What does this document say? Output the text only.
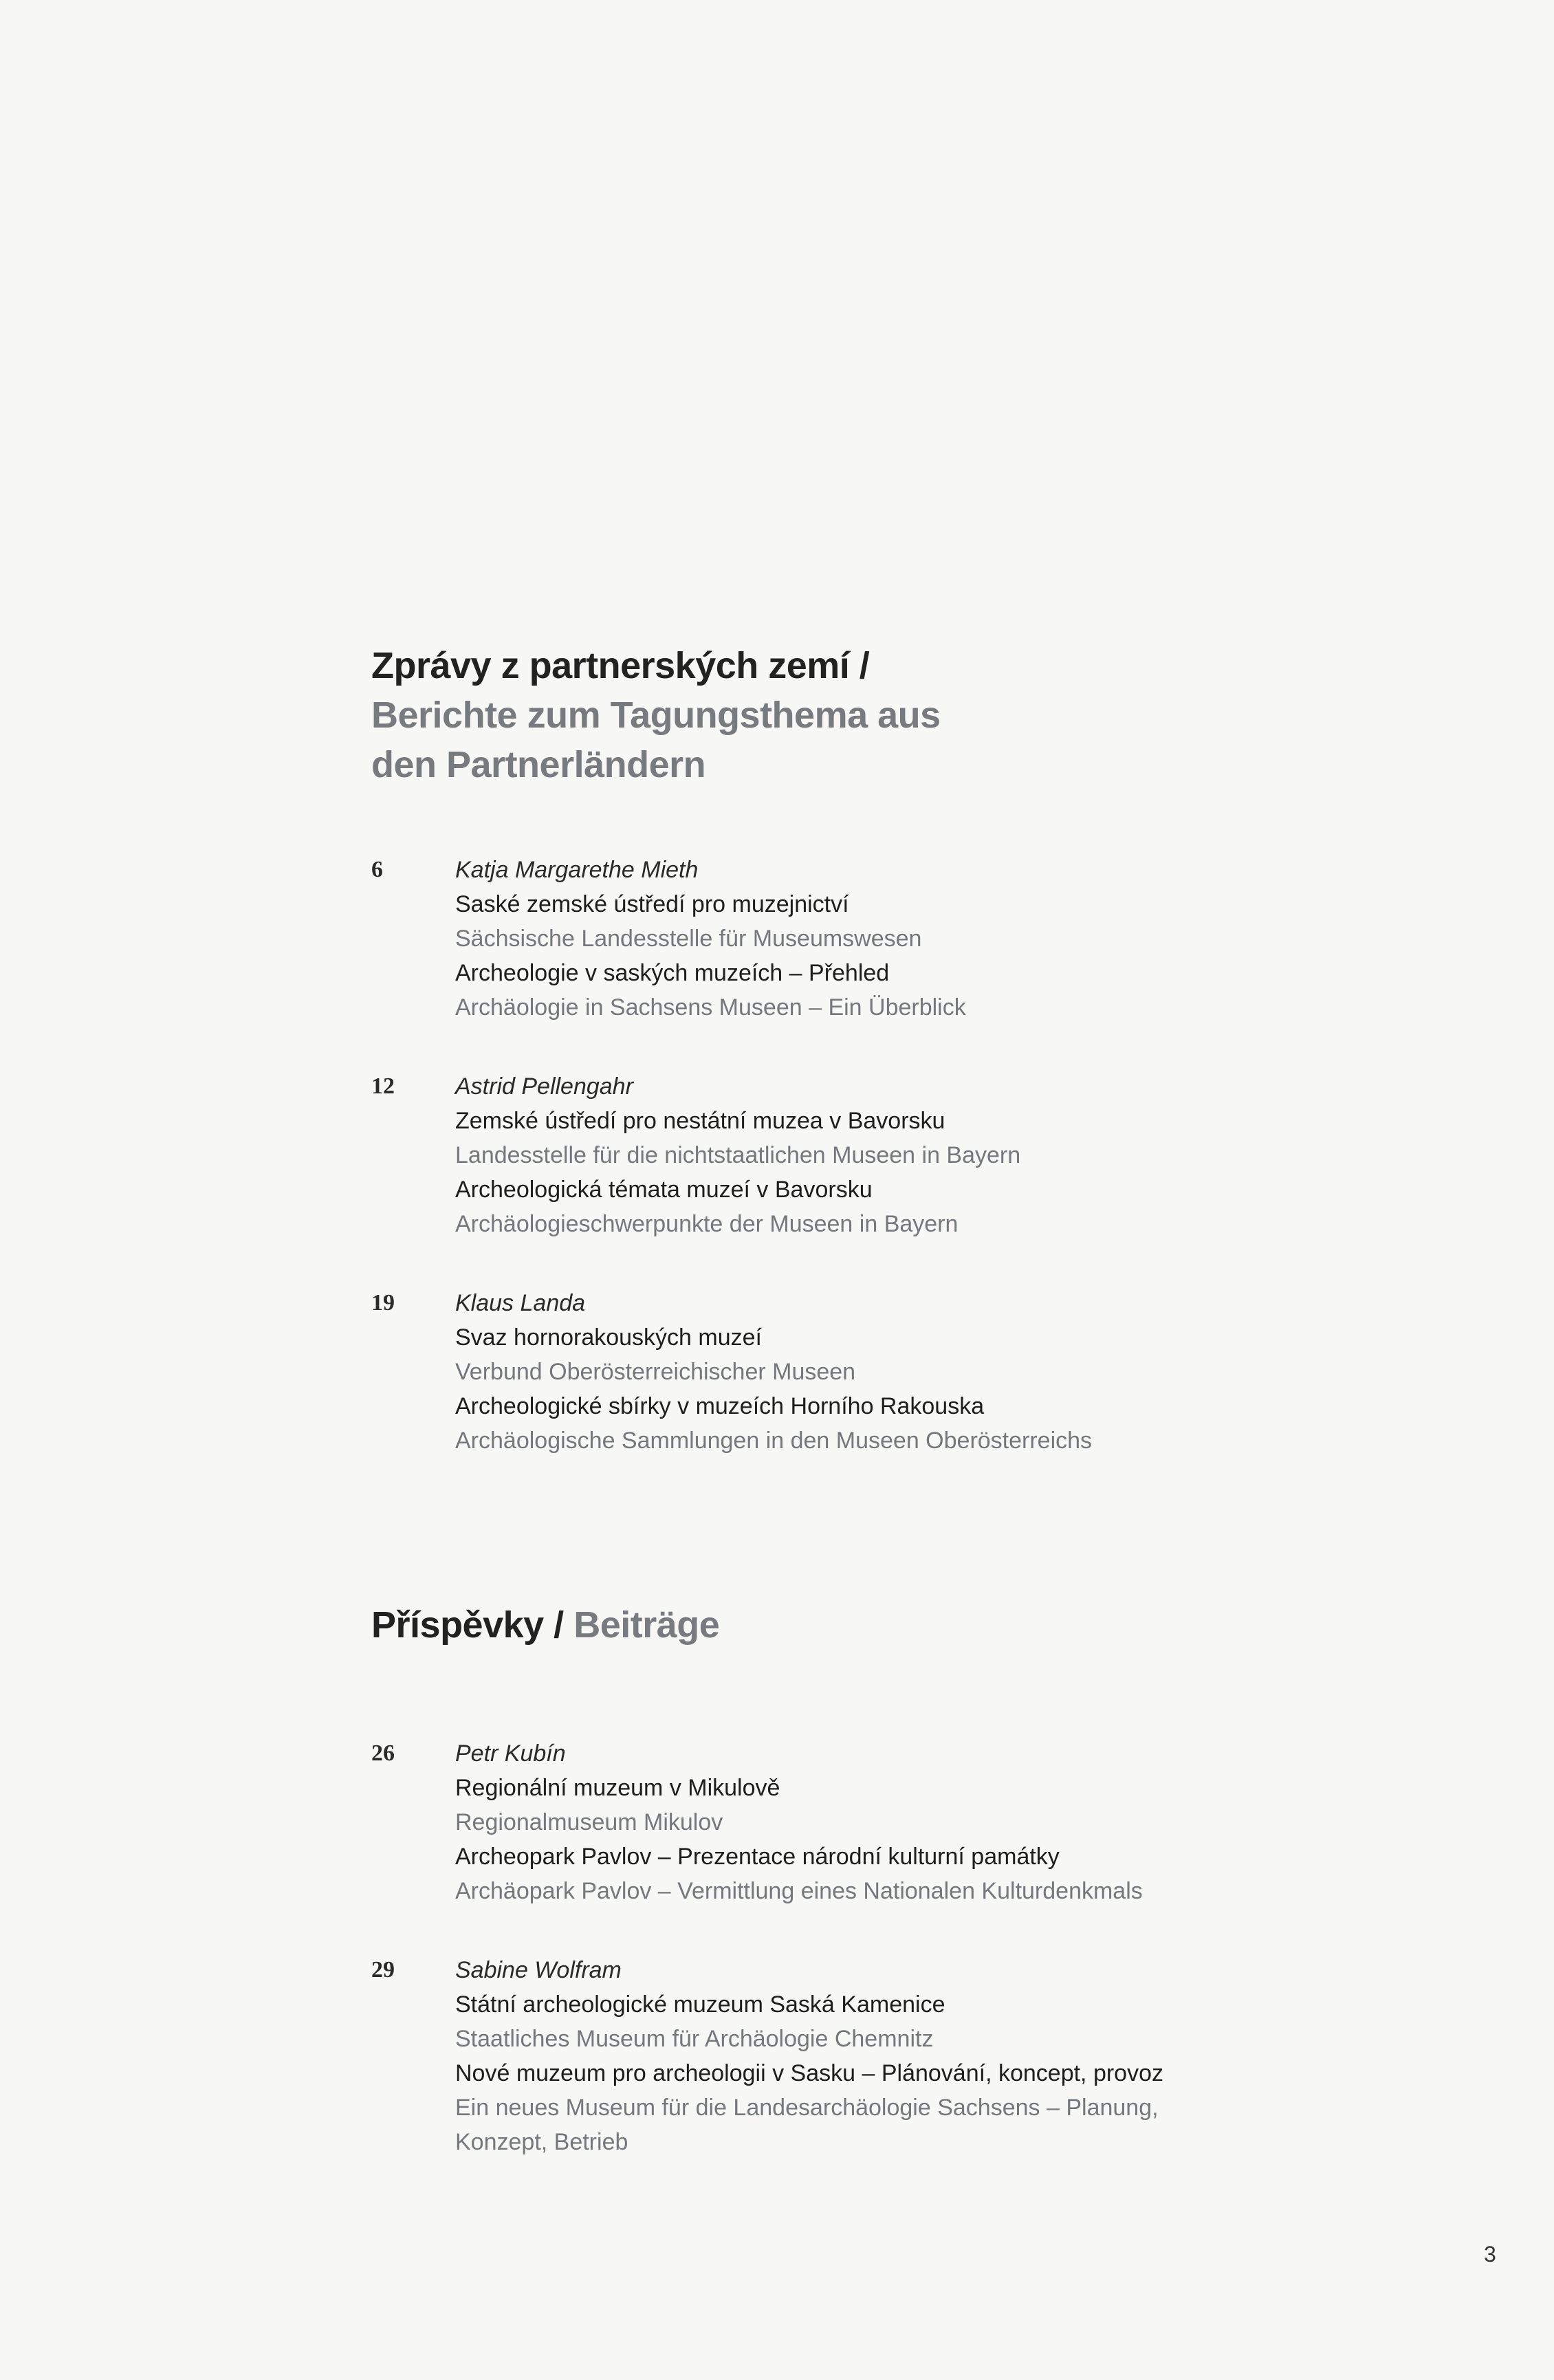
Zprávy z partnerských zemí /
Berichte zum Tagungsthema aus
den Partnerländern
6	Katja Margarethe Mieth
Saské zemské ústředí pro muzejnictví
Sächsische Landesstelle für Museumswesen
Archeologie v saských muzeích – Přehled
Archäologie in Sachsens Museen – Ein Überblick
12	Astrid Pellengahr
Zemské ústředí pro nestátní muzea v Bavorsku
Landesstelle für die nichtstaatlichen Museen in Bayern
Archeologická témata muzeí v Bavorsku
Archäologieschwerpunkte der Museen in Bayern
19	Klaus Landa
Svaz hornorakouských muzeí
Verbund Oberösterreichischer Museen
Archeologické sbírky v muzeích Horního Rakouska
Archäologische Sammlungen in den Museen Oberösterreichs
Příspěvky / Beiträge
26	Petr Kubín
Regionální muzeum v Mikulově
Regionalmuseum Mikulov
Archeopark Pavlov – Prezentace národní kulturní památky
Archäopark Pavlov – Vermittlung eines Nationalen Kulturdenkmals
29	Sabine Wolfram
Státní archeologické muzeum Saská Kamenice
Staatliches Museum für Archäologie Chemnitz
Nové muzeum pro archeologii v Sasku – Plánování, koncept, provoz
Ein neues Museum für die Landesarchäologie Sachsens – Planung,
Konzept, Betrieb
3
